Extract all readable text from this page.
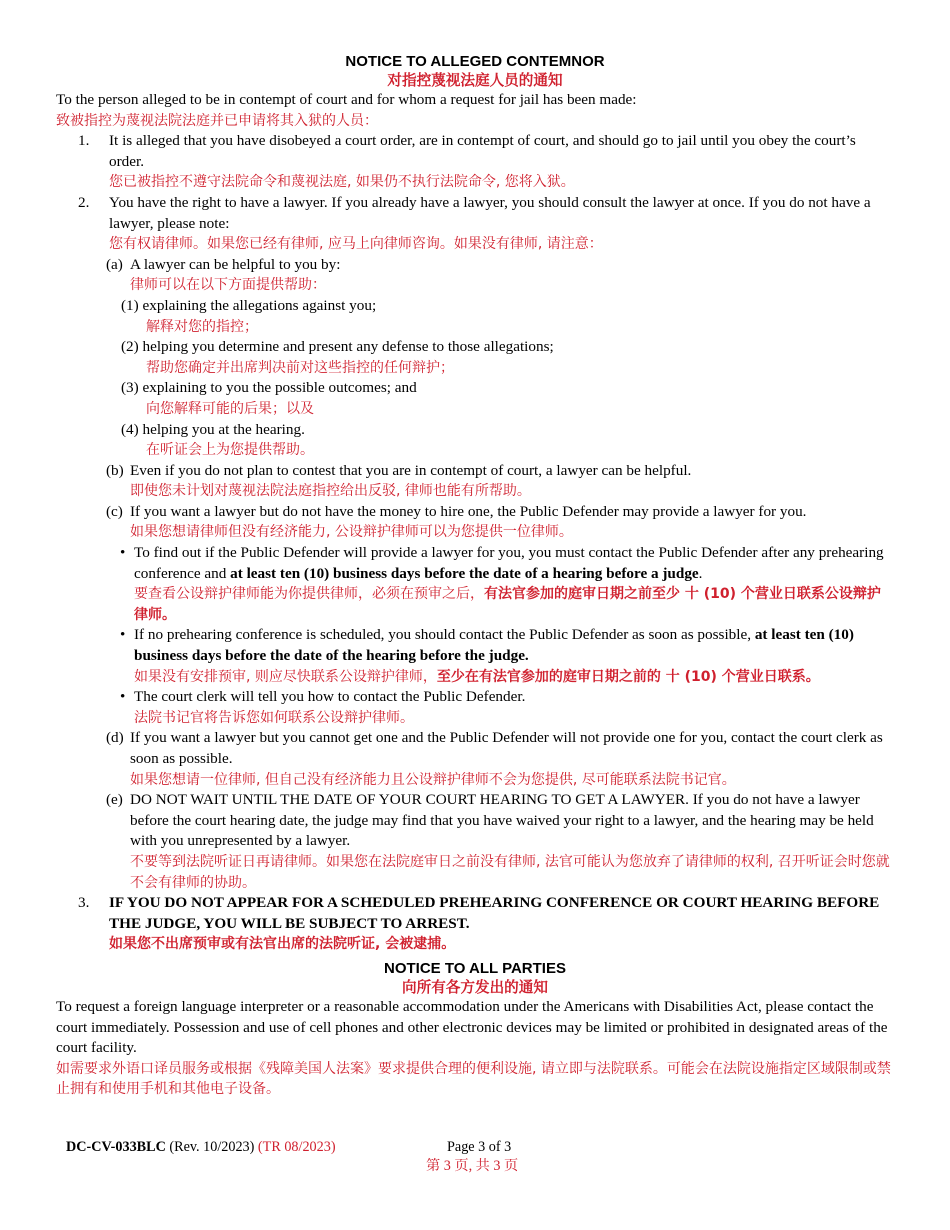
NOTICE TO ALLEGED CONTEMNOR
对指控蔑视法庭人员的通知

To the person alleged to be in contempt of court and for whom a request for jail has been made:

致被指控为蔑视法院法庭并已申请将其入狱的人员：

1. It is alleged that you have disobeyed a court order, are in contempt of court, and should go to jail until you obey the court’s order.

您已被指控不遵守法院命令和蔑视法庭, 如果仍不执行法院命令, 您将入狱。

2. You have the right to have a lawyer. If you already have a lawyer, you should consult the lawyer at once. If you do not have a lawyer, please note:

您有权请律师。如果您已经有律师, 应马上向律师咨询。如果没有律师, 请注意：

(a) A lawyer can be helpful to you by:
律师可以在以下方面提供帮助：
(1) explaining the allegations against you;
解释对您的指控；
(2) helping you determine and present any defense to those allegations;
帮助您确定并出席判决前对这些指控的任何辩护；
(3) explaining to you the possible outcomes; and
向您解释可能的后果；以及
(4) helping you at the hearing.
在听证会上为您提供帮助。
(b) Even if you do not plan to contest that you are in contempt of court, a lawyer can be helpful.
即使您未计划对蔑视法院法庭指控给出反驳, 律师也能有所帮助。
(c) If you want a lawyer but do not have the money to hire one, the Public Defender may provide a lawyer for you.
如果您想请律师但没有经济能力, 公设辩护律师可以为您提供一位律师。
• To find out if the Public Defender will provide a lawyer for you, you must contact the Public Defender after any prehearing conference and at least ten (10) business days before the date of a hearing before a judge.
要查看公设辩护律师能为你提供律师，必须在预审之后，有法官参加的庭审日期之前至少 十 (10) 个营业日联系公设辩护律师。
• If no prehearing conference is scheduled, you should contact the Public Defender as soon as possible, at least ten (10) business days before the date of the hearing before the judge.
如果没有安排预审, 则应尽快联系公设辩护律师，至少在有法官参加的庭审日期之前的 十 (10) 个营业日联系。
• The court clerk will tell you how to contact the Public Defender.
法院书记官将告诉您如何联系公设辩护律师。
(d) If you want a lawyer but you cannot get one and the Public Defender will not provide one for you, contact the court clerk as soon as possible.
如果您想请一位律师, 但自己没有经济能力且公设辩护律师不会为您提供, 尽可能联系法院书记官。
(e) DO NOT WAIT UNTIL THE DATE OF YOUR COURT HEARING TO GET A LAWYER. If you do not have a lawyer before the court hearing date, the judge may find that you have waived your right to a lawyer, and the hearing may be held with you unrepresented by a lawyer.
不要等到法院听证日再请律师。如果您在法院庭审日之前没有律师, 法官可能认为您放弃了请律师的权利, 召开听证会时您就不会有律师的协助。
3. IF YOU DO NOT APPEAR FOR A SCHEDULED PREHEARING CONFERENCE OR COURT HEARING BEFORE THE JUDGE, YOU WILL BE SUBJECT TO ARREST.

如果您不出席预审或有法官出席的法院听证, 会被逮捕。

NOTICE TO ALL PARTIES
向所有各方发出的通知

To request a foreign language interpreter or a reasonable accommodation under the Americans with Disabilities Act, please contact the court immediately. Possession and use of cell phones and other electronic devices may be limited or prohibited in designated areas of the court facility.

如需要求外语口译员服务或根据《残障美国人法案》要求提供合理的便利设施, 请立即与法院联系。可能会在法院设施指定区域限制或禁止拥有和使用手机和其他电子设备。

DC-CV-033BLC (Rev. 10/2023) (TR 08/2023)	Page 3 of 3
第 3 页, 共 3 页
